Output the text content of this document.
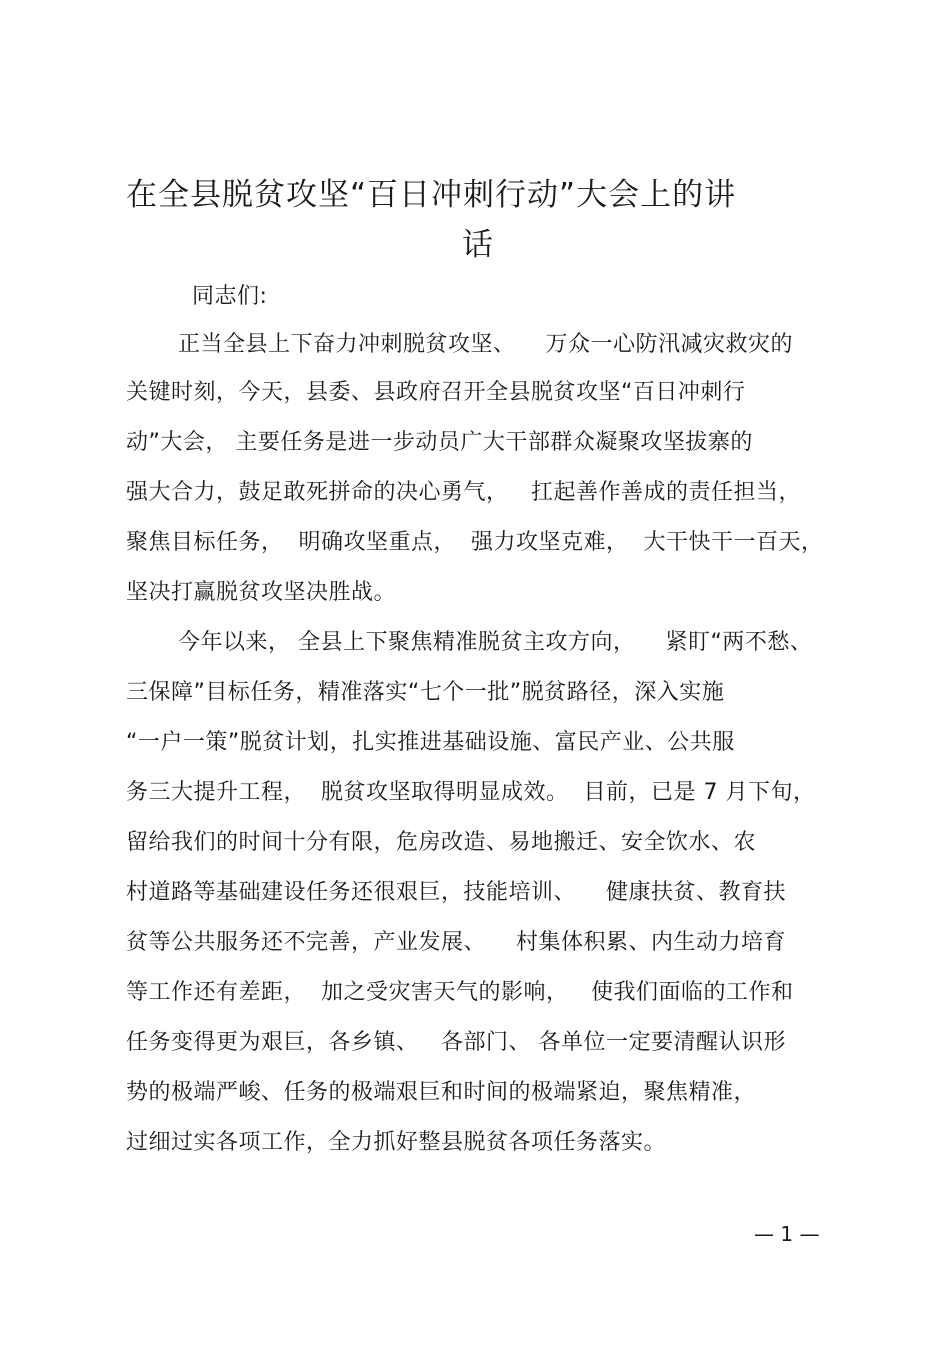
在全县脱贫攻坚“百日冲刺行动”大会上的讲
话
同志们:
正当全县上下奋力冲刺脱贫攻坚、    万众一心防汛减灾救灾的
关键时刻，今天，县委、县政府召开全县脱贫攻坚“百日冲刺行
动”大会， 主要任务是进一步动员广大干部群众凝聚攻坚拔寨的
强大合力，鼓足敢死拼命的决心勇气，   扛起善作善成的责任担当，
聚焦目标任务，  明确攻坚重点，  强力攻坚克难，  大干快干一百天，
坚决打赢脱贫攻坚决胜战。
今年以来， 全县上下聚焦精准脱贫主攻方向，    紧盯“两不愁、
三保障”目标任务，精准落实“七个一批”脱贫路径，深入实施
“一户一策”脱贫计划，扎实推进基础设施、富民产业、公共服
务三大提升工程，  脱贫攻坚取得明显成效。  目前，已是 7 月下旬，
留给我们的时间十分有限，危房改造、易地搬迁、安全饮水、农
村道路等基础建设任务还很艰巨，技能培训、    健康扶贫、教育扶
贫等公共服务还不完善，产业发展、    村集体积累、内生动力培育
等工作还有差距，  加之受灾害天气的影响，   使我们面临的工作和
任务变得更为艰巨，各乡镇、   各部门、 各单位一定要清醒认识形
势的极端严峻、任务的极端艰巨和时间的极端紧迫，聚焦精准，
过细过实各项工作，全力抓好整县脱贫各项任务落实。
— 1 —
